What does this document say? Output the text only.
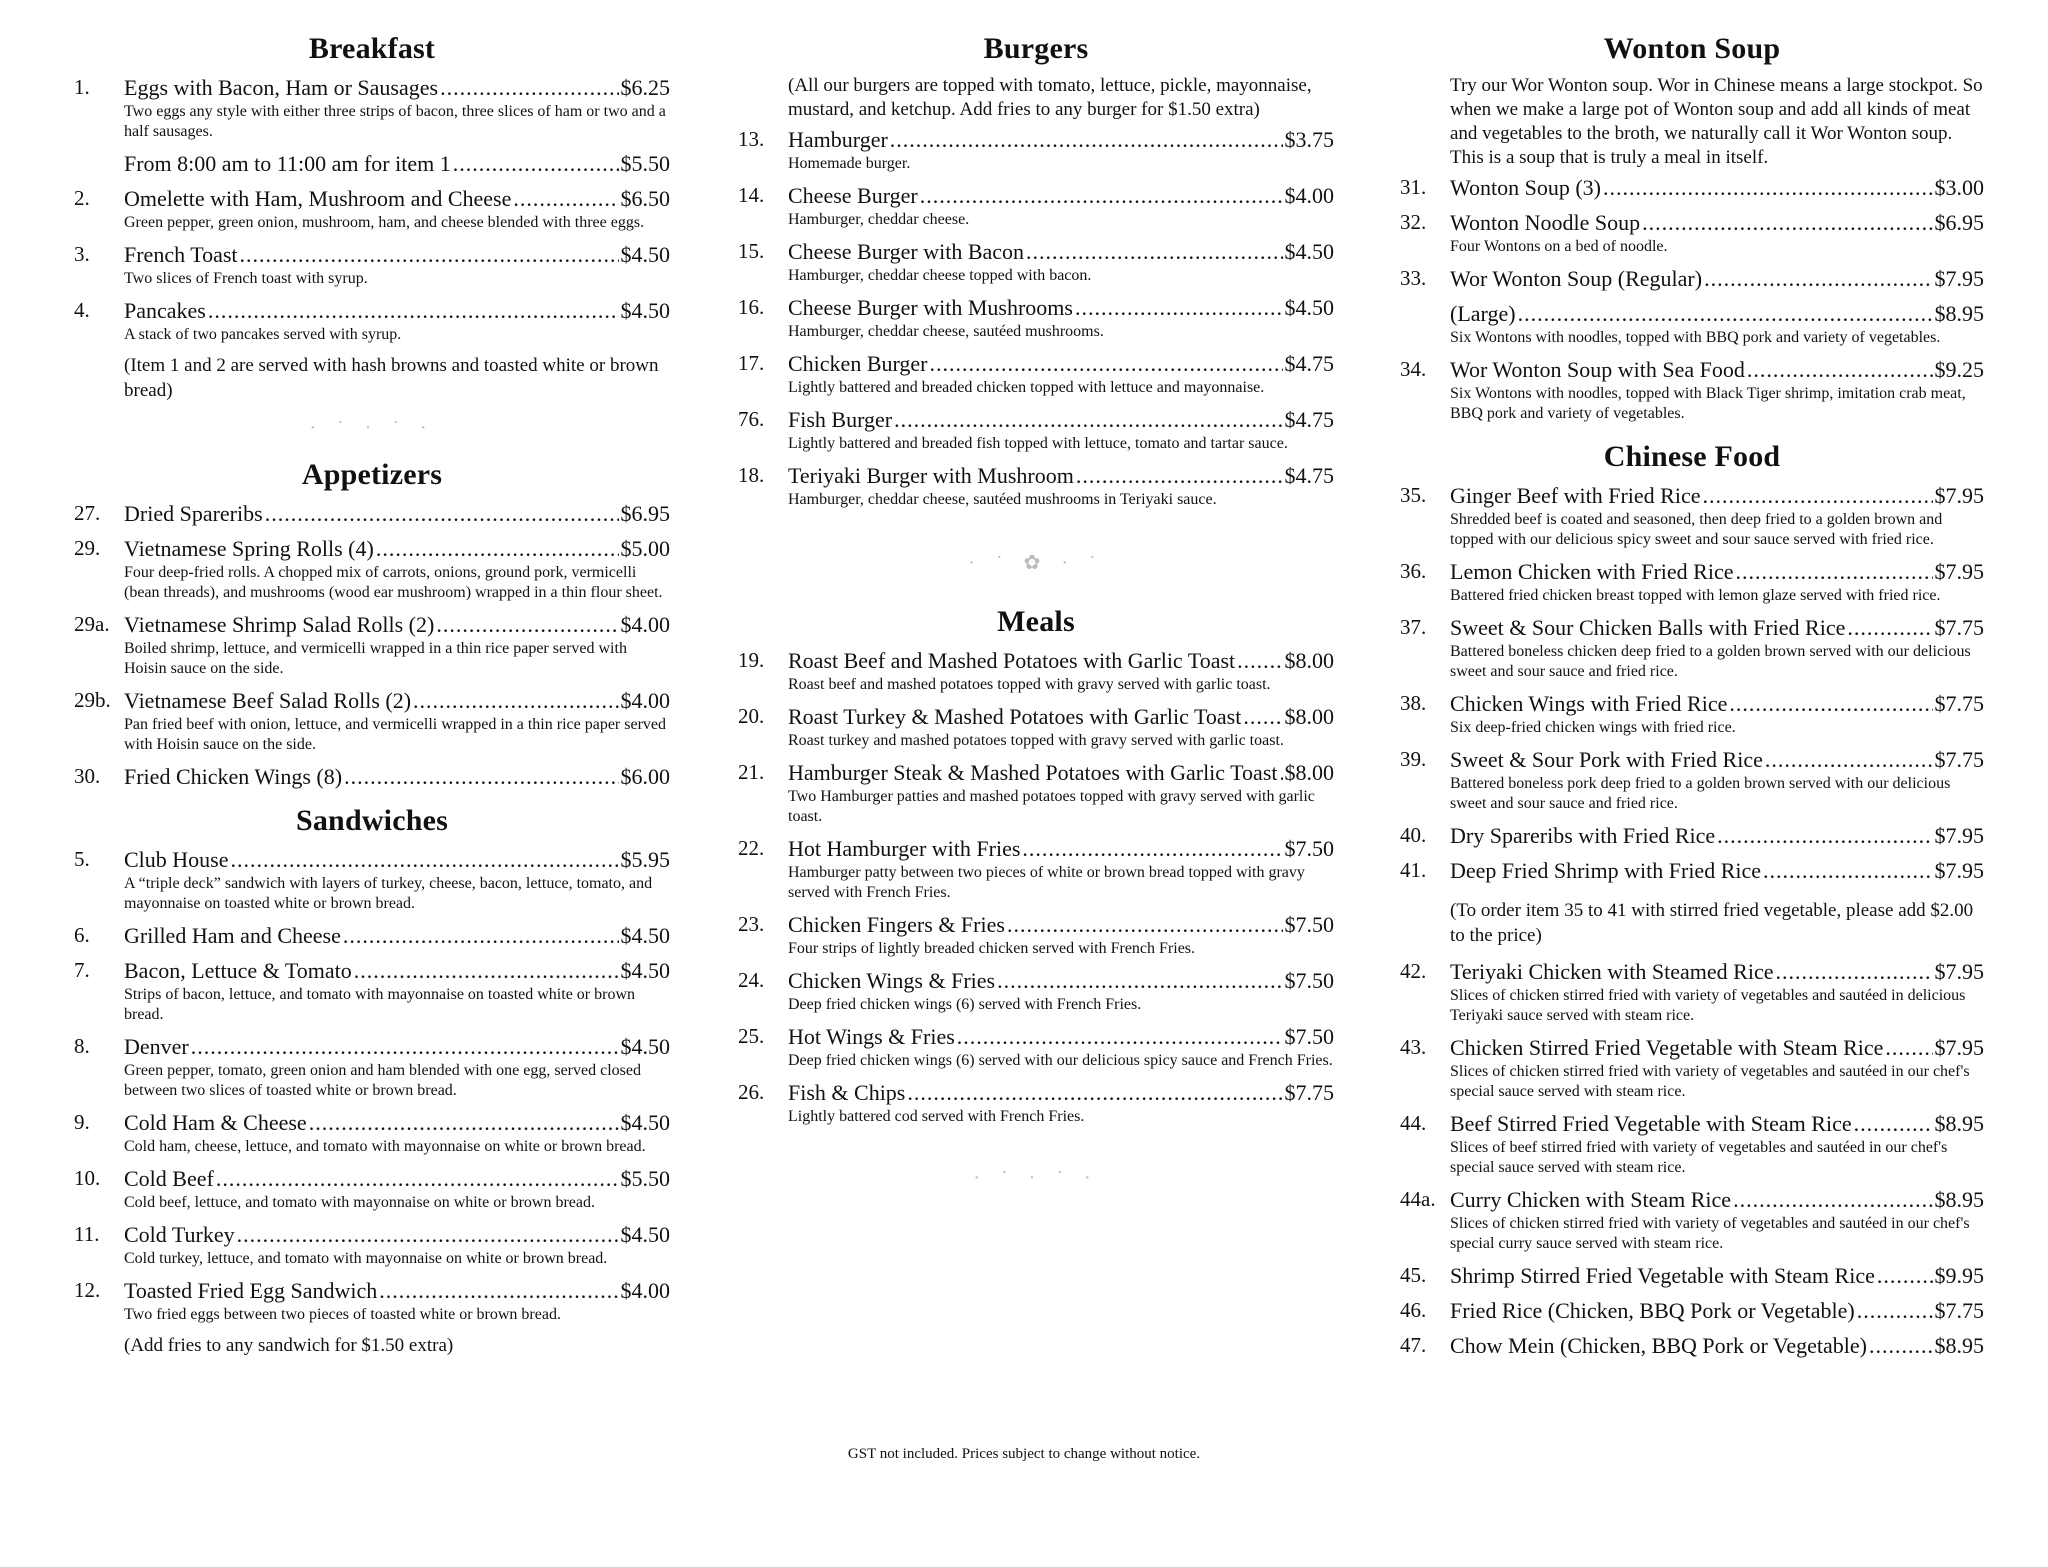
Breakfast
1. Eggs with Bacon, Ham or Sausages .....	$6.25
Two eggs any style with either three strips of bacon, three slices of ham or two and a half sausages.
From 8:00 am to 11:00 am for item 1 .....	$5.50
2. Omelette with Ham, Mushroom and Cheese .....	$6.50
Green pepper, green onion, mushroom, ham, and cheese blended with three eggs.
3. French Toast .....	$4.50
Two slices of French toast with syrup.
4. Pancakes .....	$4.50
A stack of two pancakes served with syrup.
(Item 1 and 2 are served with hash browns and toasted white or brown bread)
· ˙ · ˙ ·
Appetizers
27. Dried Spareribs .....	$6.95
29. Vietnamese Spring Rolls (4) .....	$5.00
Four deep-fried rolls. A chopped mix of carrots, onions, ground pork, vermicelli (bean threads), and mushrooms (wood ear mushroom) wrapped in a thin flour sheet.
29a. Vietnamese Shrimp Salad Rolls (2) .....	$4.00
Boiled shrimp, lettuce, and vermicelli wrapped in a thin rice paper served with Hoisin sauce on the side.
29b. Vietnamese Beef Salad Rolls (2) .....	$4.00
Pan fried beef with onion, lettuce, and vermicelli wrapped in a thin rice paper served with Hoisin sauce on the side.
30. Fried Chicken Wings (8) .....	$6.00
Sandwiches
5. Club House .....	$5.95
A “triple deck” sandwich with layers of turkey, cheese, bacon, lettuce, tomato, and mayonnaise on toasted white or brown bread.
6. Grilled Ham and Cheese .....	$4.50
7. Bacon, Lettuce & Tomato .....	$4.50
Strips of bacon, lettuce, and tomato with mayonnaise on toasted white or brown bread.
8. Denver .....	$4.50
Green pepper, tomato, green onion and ham blended with one egg, served closed between two slices of toasted white or brown bread.
9. Cold Ham & Cheese .....	$4.50
Cold ham, cheese, lettuce, and tomato with mayonnaise on white or brown bread.
10. Cold Beef .....	$5.50
Cold beef, lettuce, and tomato with mayonnaise on white or brown bread.
11. Cold Turkey .....	$4.50
Cold turkey, lettuce, and tomato with mayonnaise on white or brown bread.
12. Toasted Fried Egg Sandwich .....	$4.00
Two fried eggs between two pieces of toasted white or brown bread.
(Add fries to any sandwich for $1.50 extra)
Burgers
(All our burgers are topped with tomato, lettuce, pickle, mayonnaise, mustard, and ketchup. Add fries to any burger for $1.50 extra)
13. Hamburger .....	$3.75
Homemade burger.
14. Cheese Burger .....	$4.00
Hamburger, cheddar cheese.
15. Cheese Burger with Bacon .....	$4.50
Hamburger, cheddar cheese topped with bacon.
16. Cheese Burger with Mushrooms .....	$4.50
Hamburger, cheddar cheese, sautéed mushrooms.
17. Chicken Burger .....	$4.75
Lightly battered and breaded chicken topped with lettuce and mayonnaise.
76. Fish Burger .....	$4.75
Lightly battered and breaded fish topped with lettuce, tomato and tartar sauce.
18. Teriyaki Burger with Mushroom .....	$4.75
Hamburger, cheddar cheese, sautéed mushrooms in Teriyaki sauce.
· ˙ ✿ · ˙
Meals
19. Roast Beef and Mashed Potatoes with Garlic Toast ..... $8.00
Roast beef and mashed potatoes topped with gravy served with garlic toast.
20. Roast Turkey & Mashed Potatoes with Garlic Toast ..... $8.00
Roast turkey and mashed potatoes topped with gravy served with garlic toast.
21. Hamburger Steak & Mashed Potatoes with Garlic Toast ..... $8.00
Two Hamburger patties and mashed potatoes topped with gravy served with garlic toast.
22. Hot Hamburger with Fries .....	$7.50
Hamburger patty between two pieces of white or brown bread topped with gravy served with French Fries.
23. Chicken Fingers & Fries .....	$7.50
Four strips of lightly breaded chicken served with French Fries.
24. Chicken Wings & Fries .....	$7.50
Deep fried chicken wings (6) served with French Fries.
25. Hot Wings & Fries .....	$7.50
Deep fried chicken wings (6) served with our delicious spicy sauce and French Fries.
26. Fish & Chips .....	$7.75
Lightly battered cod served with French Fries.
· ˙ · ˙ ·
Wonton Soup
Try our Wor Wonton soup. Wor in Chinese means a large stockpot. So when we make a large pot of Wonton soup and add all kinds of meat and vegetables to the broth, we naturally call it Wor Wonton soup. This is a soup that is truly a meal in itself.
31. Wonton Soup (3) .....	$3.00
32. Wonton Noodle Soup .....	$6.95
Four Wontons on a bed of noodle.
33. Wor Wonton Soup (Regular) .....	$7.95
(Large) .....	$8.95
Six Wontons with noodles, topped with BBQ pork and variety of vegetables.
34. Wor Wonton Soup with Sea Food .....	$9.25
Six Wontons with noodles, topped with Black Tiger shrimp, imitation crab meat, BBQ pork and variety of vegetables.
Chinese Food
35. Ginger Beef with Fried Rice .....	$7.95
Shredded beef is coated and seasoned, then deep fried to a golden brown and topped with our delicious spicy sweet and sour sauce served with fried rice.
36. Lemon Chicken with Fried Rice .....	$7.95
Battered fried chicken breast topped with lemon glaze served with fried rice.
37. Sweet & Sour Chicken Balls with Fried Rice .....	$7.75
Battered boneless chicken deep fried to a golden brown served with our delicious sweet and sour sauce and fried rice.
38. Chicken Wings with Fried Rice .....	$7.75
Six deep-fried chicken wings with fried rice.
39. Sweet & Sour Pork with Fried Rice .....	$7.75
Battered boneless pork deep fried to a golden brown served with our delicious sweet and sour sauce and fried rice.
40. Dry Spareribs with Fried Rice .....	$7.95
41. Deep Fried Shrimp with Fried Rice .....	$7.95
(To order item 35 to 41 with stirred fried vegetable, please add $2.00 to the price)
42. Teriyaki Chicken with Steamed Rice .....	$7.95
Slices of chicken stirred fried with variety of vegetables and sautéed in delicious Teriyaki sauce served with steam rice.
43. Chicken Stirred Fried Vegetable with Steam Rice ..... $7.95
Slices of chicken stirred fried with variety of vegetables and sautéed in our chef's special sauce served with steam rice.
44. Beef Stirred Fried Vegetable with Steam Rice .....	$8.95
Slices of beef stirred fried with variety of vegetables and sautéed in our chef's special sauce served with steam rice.
44a. Curry Chicken with Steam Rice .....	$8.95
Slices of chicken stirred fried with variety of vegetables and sautéed in our chef's special curry sauce served with steam rice.
45. Shrimp Stirred Fried Vegetable with Steam Rice .....	$9.95
46. Fried Rice (Chicken, BBQ Pork or Vegetable) .....	$7.75
47. Chow Mein (Chicken, BBQ Pork or Vegetable) .....	$8.95
GST not included. Prices subject to change without notice.
